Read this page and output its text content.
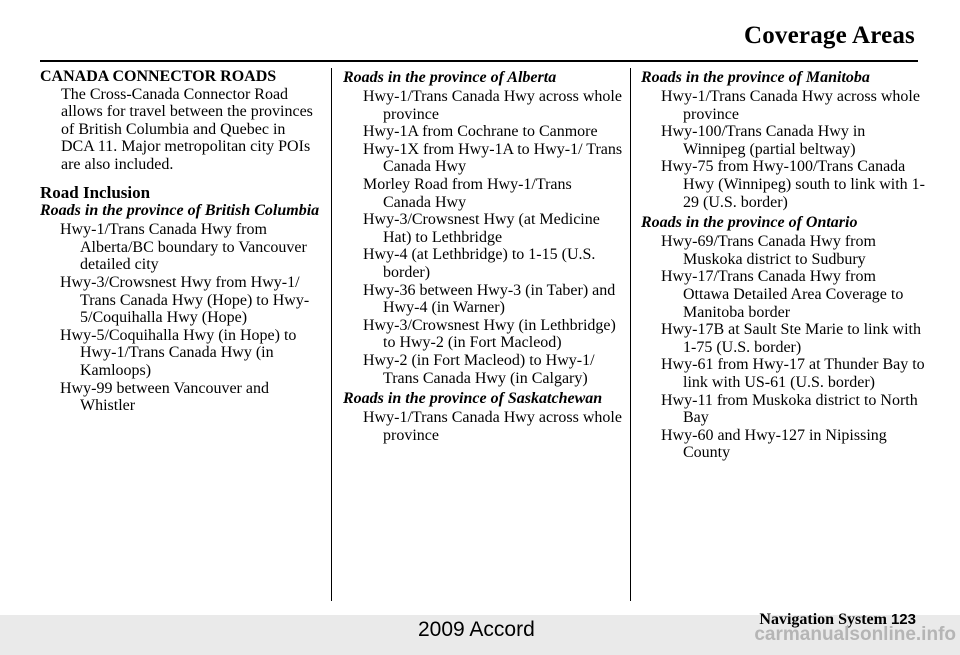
Coverage Areas
CANADA CONNECTOR ROADS
The Cross-Canada Connector Road allows for travel between the provinces of British Columbia and Quebec in DCA 11. Major metropolitan city POIs are also included.
Road Inclusion
Roads in the province of British Columbia
Hwy-1/Trans Canada Hwy from Alberta/BC boundary to Vancouver detailed city
Hwy-3/Crowsnest Hwy from Hwy-1/ Trans Canada Hwy (Hope) to Hwy-5/Coquihalla Hwy (Hope)
Hwy-5/Coquihalla Hwy (in Hope) to Hwy-1/Trans Canada Hwy (in Kamloops)
Hwy-99 between Vancouver and Whistler
Roads in the province of Alberta
Hwy-1/Trans Canada Hwy across whole province
Hwy-1A from Cochrane to Canmore
Hwy-1X from Hwy-1A to Hwy-1/ Trans Canada Hwy
Morley Road from Hwy-1/Trans Canada Hwy
Hwy-3/Crowsnest Hwy (at Medicine Hat) to Lethbridge
Hwy-4 (at Lethbridge) to 1-15 (U.S. border)
Hwy-36 between Hwy-3 (in Taber) and Hwy-4 (in Warner)
Hwy-3/Crowsnest Hwy (in Lethbridge) to Hwy-2 (in Fort Macleod)
Hwy-2 (in Fort Macleod) to Hwy-1/ Trans Canada Hwy (in Calgary)
Roads in the province of Saskatchewan
Hwy-1/Trans Canada Hwy across whole province
Roads in the province of Manitoba
Hwy-1/Trans Canada Hwy across whole province
Hwy-100/Trans Canada Hwy in Winnipeg (partial beltway)
Hwy-75 from Hwy-100/Trans Canada Hwy (Winnipeg) south to link with 1-29 (U.S. border)
Roads in the province of Ontario
Hwy-69/Trans Canada Hwy from Muskoka district to Sudbury
Hwy-17/Trans Canada Hwy from Ottawa Detailed Area Coverage to Manitoba border
Hwy-17B at Sault Ste Marie to link with 1-75 (U.S. border)
Hwy-61 from Hwy-17 at Thunder Bay to link with US-61 (U.S. border)
Hwy-11 from Muskoka district to North Bay
Hwy-60 and Hwy-127 in Nipissing County
Navigation System 123
2009 Accord	carmanualsonline.info
